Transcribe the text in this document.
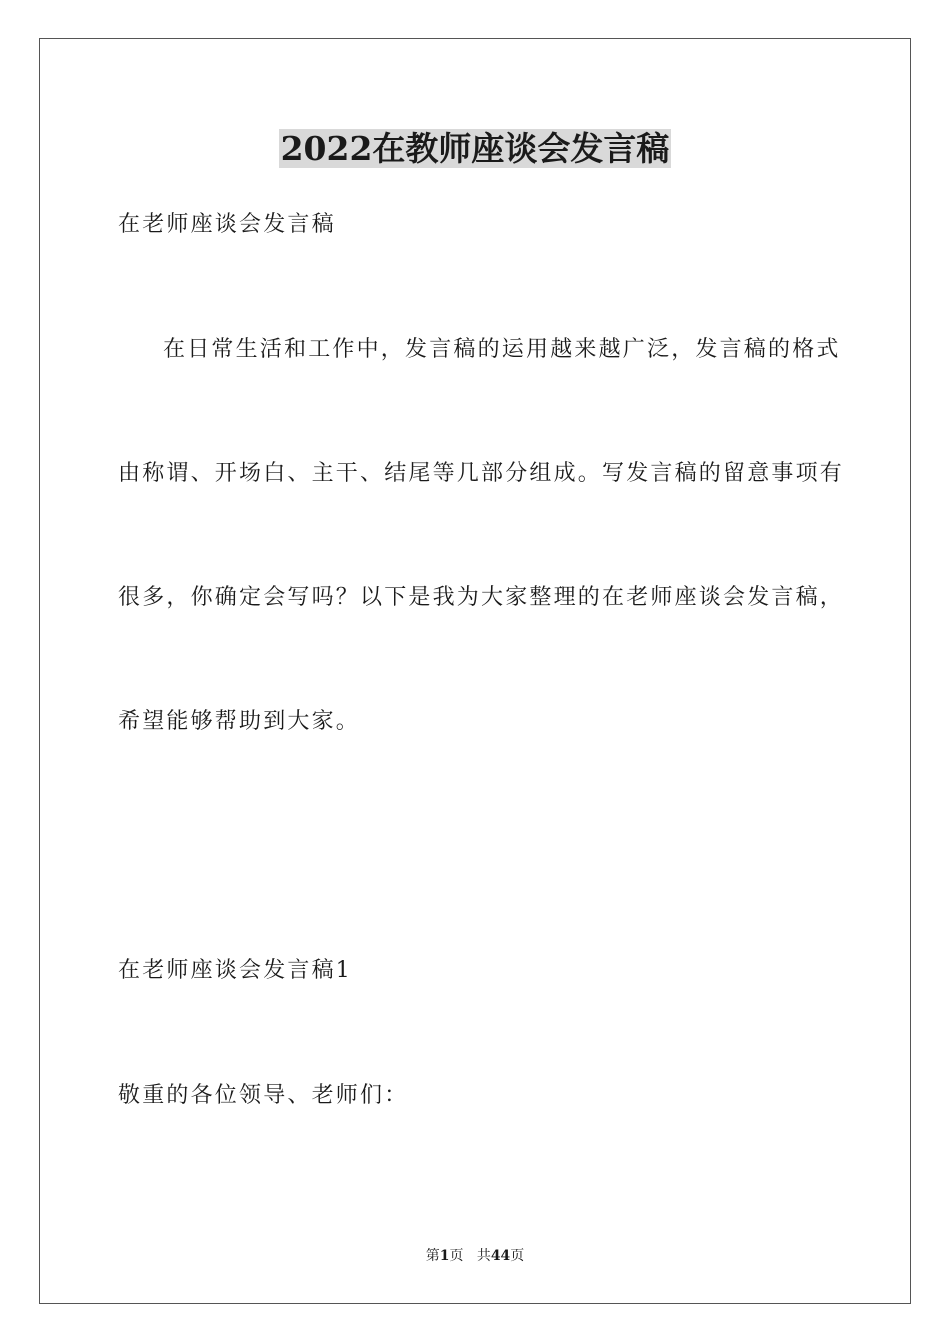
2022在教师座谈会发言稿
在老师座谈会发言稿
在日常生活和工作中，发言稿的运用越来越广泛，发言稿的格式
由称谓、开场白、主干、结尾等几部分组成。写发言稿的留意事项有
很多，你确定会写吗？以下是我为大家整理的在老师座谈会发言稿，
希望能够帮助到大家。
在老师座谈会发言稿1
敬重的各位领导、老师们：
第1页 共44页
